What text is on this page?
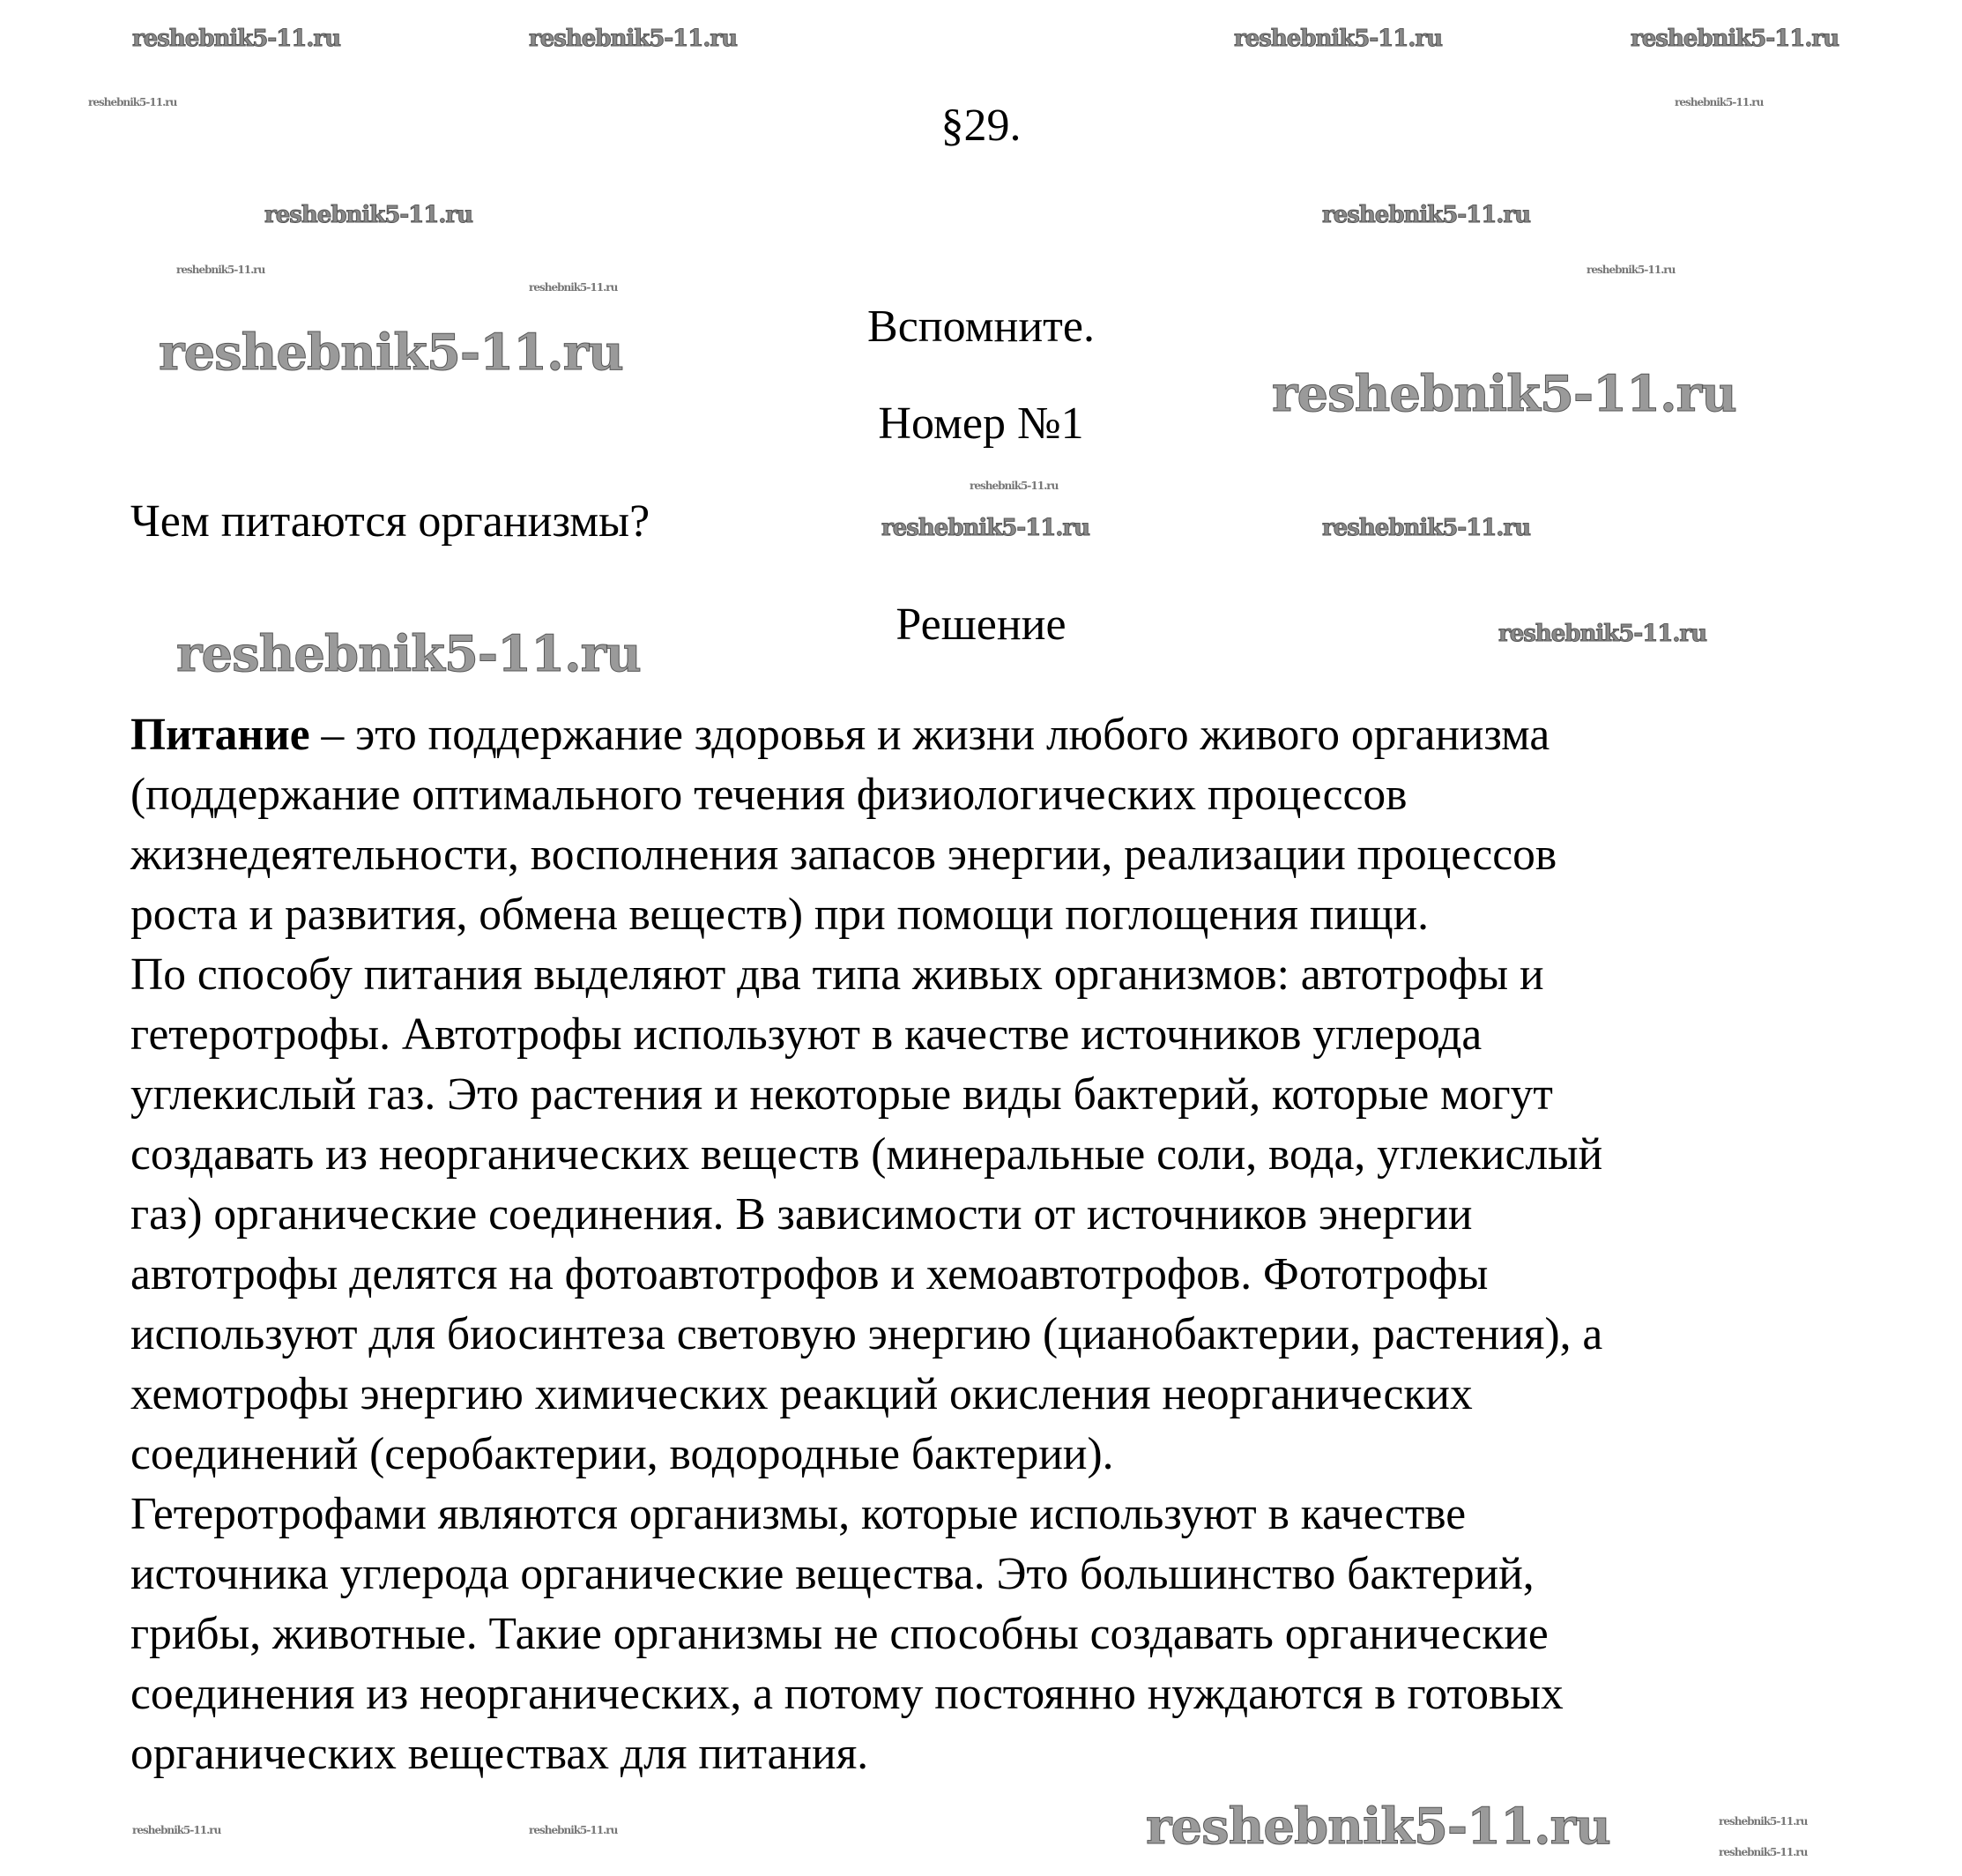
§29.
Вспомните.
Номер №1
Чем питаются организмы?
Решение
Питание – это поддержание здоровья и жизни любого живого организма
(поддержание оптимального течения физиологических процессов
жизнедеятельности, восполнения запасов энергии, реализации процессов
роста и развития, обмена веществ) при помощи поглощения пищи.
По способу питания выделяют два типа живых организмов: автотрофы и
гетеротрофы. Автотрофы используют в качестве источников углерода
углекислый газ. Это растения и некоторые виды бактерий, которые могут
создавать из неорганических веществ (минеральные соли, вода, углекислый
газ) органические соединения. В зависимости от источников энергии
автотрофы делятся на фотоавтотрофов и хемоавтотрофов. Фототрофы
используют для биосинтеза световую энергию (цианобактерии, растения), а
хемотрофы энергию химических реакций окисления неорганических
соединений (серобактерии, водородные бактерии).
Гетеротрофами являются организмы, которые используют в качестве
источника углерода органические вещества. Это большинство бактерий,
грибы, животные. Такие организмы не способны создавать органические
соединения из неорганических, а потому постоянно нуждаются в готовых
органических веществах для питания.
reshebnik5-11.ru
reshebnik5-11.ru
reshebnik5-11.ru
reshebnik5-11.ru
reshebnik5-11.ru	reshebnik5-11.ru	reshebnik5-11.ru	reshebnik5-11.ru
reshebnik5-11.ru	reshebnik5-11.ru
reshebnik5-11.ru	reshebnik5-11.ru
reshebnik5-11.ru
reshebnik5-11.ru	reshebnik5-11.ru
reshebnik5-11.ru	reshebnik5-11.ru
reshebnik5-11.ru
reshebnik5-11.ru
reshebnik5-11.ru	reshebnik5-11.ru
reshebnik5-11.ru
reshebnik5-11.ru
